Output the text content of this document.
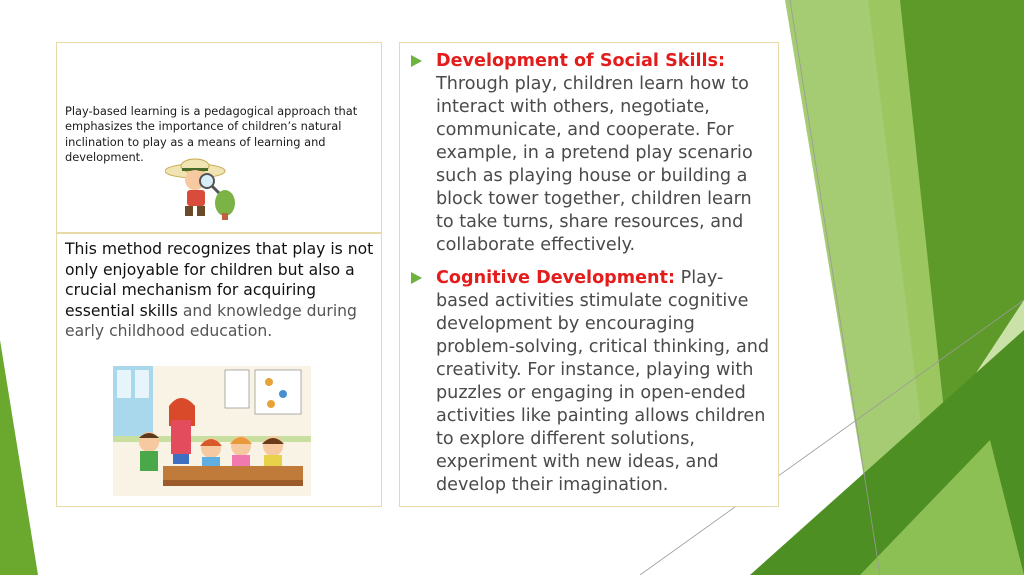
Play-based learning is a pedagogical approach that emphasizes the importance of children’s natural inclination to play as a means of learning and development.
This method recognizes that play is not only enjoyable for children but also a crucial mechanism for acquiring essential skills and knowledge during early childhood education.
Development of Social Skills:
Through play, children learn how to interact with others, negotiate, communicate, and cooperate. For example, in a pretend play scenario such as playing house or building a block tower together, children learn to take turns, share resources, and collaborate effectively.
Cognitive Development: Play-based activities stimulate cognitive development by encouraging problem-solving, critical thinking, and creativity. For instance, playing with puzzles or engaging in open-ended activities like painting allows children to explore different solutions, experiment with new ideas, and develop their imagination.
